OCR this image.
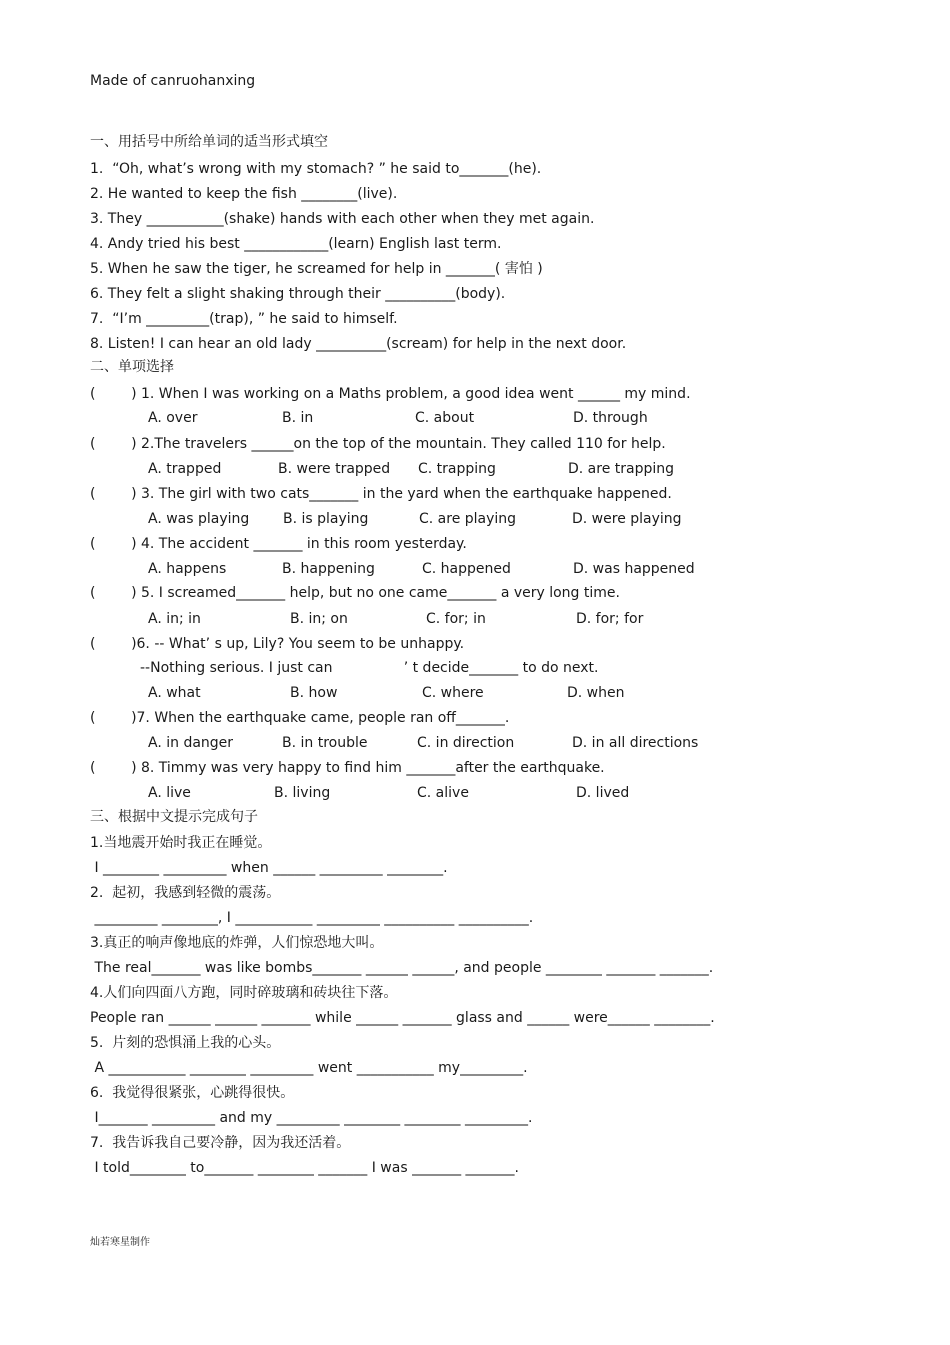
Made of canruohanxing
一、用括号中所给单词的适当形式填空
1.  “Oh, what’s wrong with my stomach? ” he said to_______(he).
2. He wanted to keep the fish ________(live).
3. They ___________(shake) hands with each other when they met again.
4. Andy tried his best ____________(learn) English last term.
5. When he saw the tiger, he screamed for help in _______( 害怕 )
6. They felt a slight shaking through their __________(body).
7.  “I’m _________(trap), ” he said to himself.
8. Listen! I can hear an old lady __________(scream) for help in the next door.
二、单项选择
(        ) 1. When I was working on a Maths problem, a good idea went ______ my mind.
A. over	B. in	C. about	D. through
(        ) 2.The travelers ______on the top of the mountain. They called 110 for help.
A. trapped	B. were trapped C. trapping	D. are trapping
(        ) 3. The girl with two cats_______ in the yard when the earthquake happened.
A. was playing B. is playing	C. are playing	D. were playing
(        ) 4. The accident _______ in this room yesterday.
A. happens	B. happening	C. happened	D. was happened
(        ) 5. I screamed_______ help, but no one came_______ a very long time.
A. in; in	B. in; on	C. for; in	D. for; for
(        )6. -- What’ s up, Lily? You seem to be unhappy.
--Nothing serious. I just can                ’ t decide_______ to do next.
A. what	B. how	C. where	D. when
(        )7. When the earthquake came, people ran off_______.
A. in danger	B. in trouble	C. in direction	D. in all directions
(        ) 8. Timmy was very happy to find him _______after the earthquake.
A. live	B. living	C. alive	D. lived
三、根据中文提示完成句子
1.当地震开始时我正在睡觉。
I ________ _________ when ______ _________ ________.
2.  起初，我感到轻微的震荡。
_________ ________, I ___________ _________ __________ __________.
3.真正的响声像地底的炸弹，人们惊恐地大叫。
The real_______ was like bombs_______ ______ ______, and people ________ _______ _______.
4.人们向四面八方跑，同时碎玻璃和砖块往下落。
People ran ______ ______ _______ while ______ _______ glass and ______ were______ ________.
5.  片刻的恐惧涌上我的心头。
A ___________ ________ _________ went ___________ my_________.
6.  我觉得很紧张，心跳得很快。
I_______ _________ and my _________ ________ ________ _________.
7.  我告诉我自己要冷静，因为我还活着。
I told________ to_______ ________ _______ I was _______ _______.
灿若寒星制作
